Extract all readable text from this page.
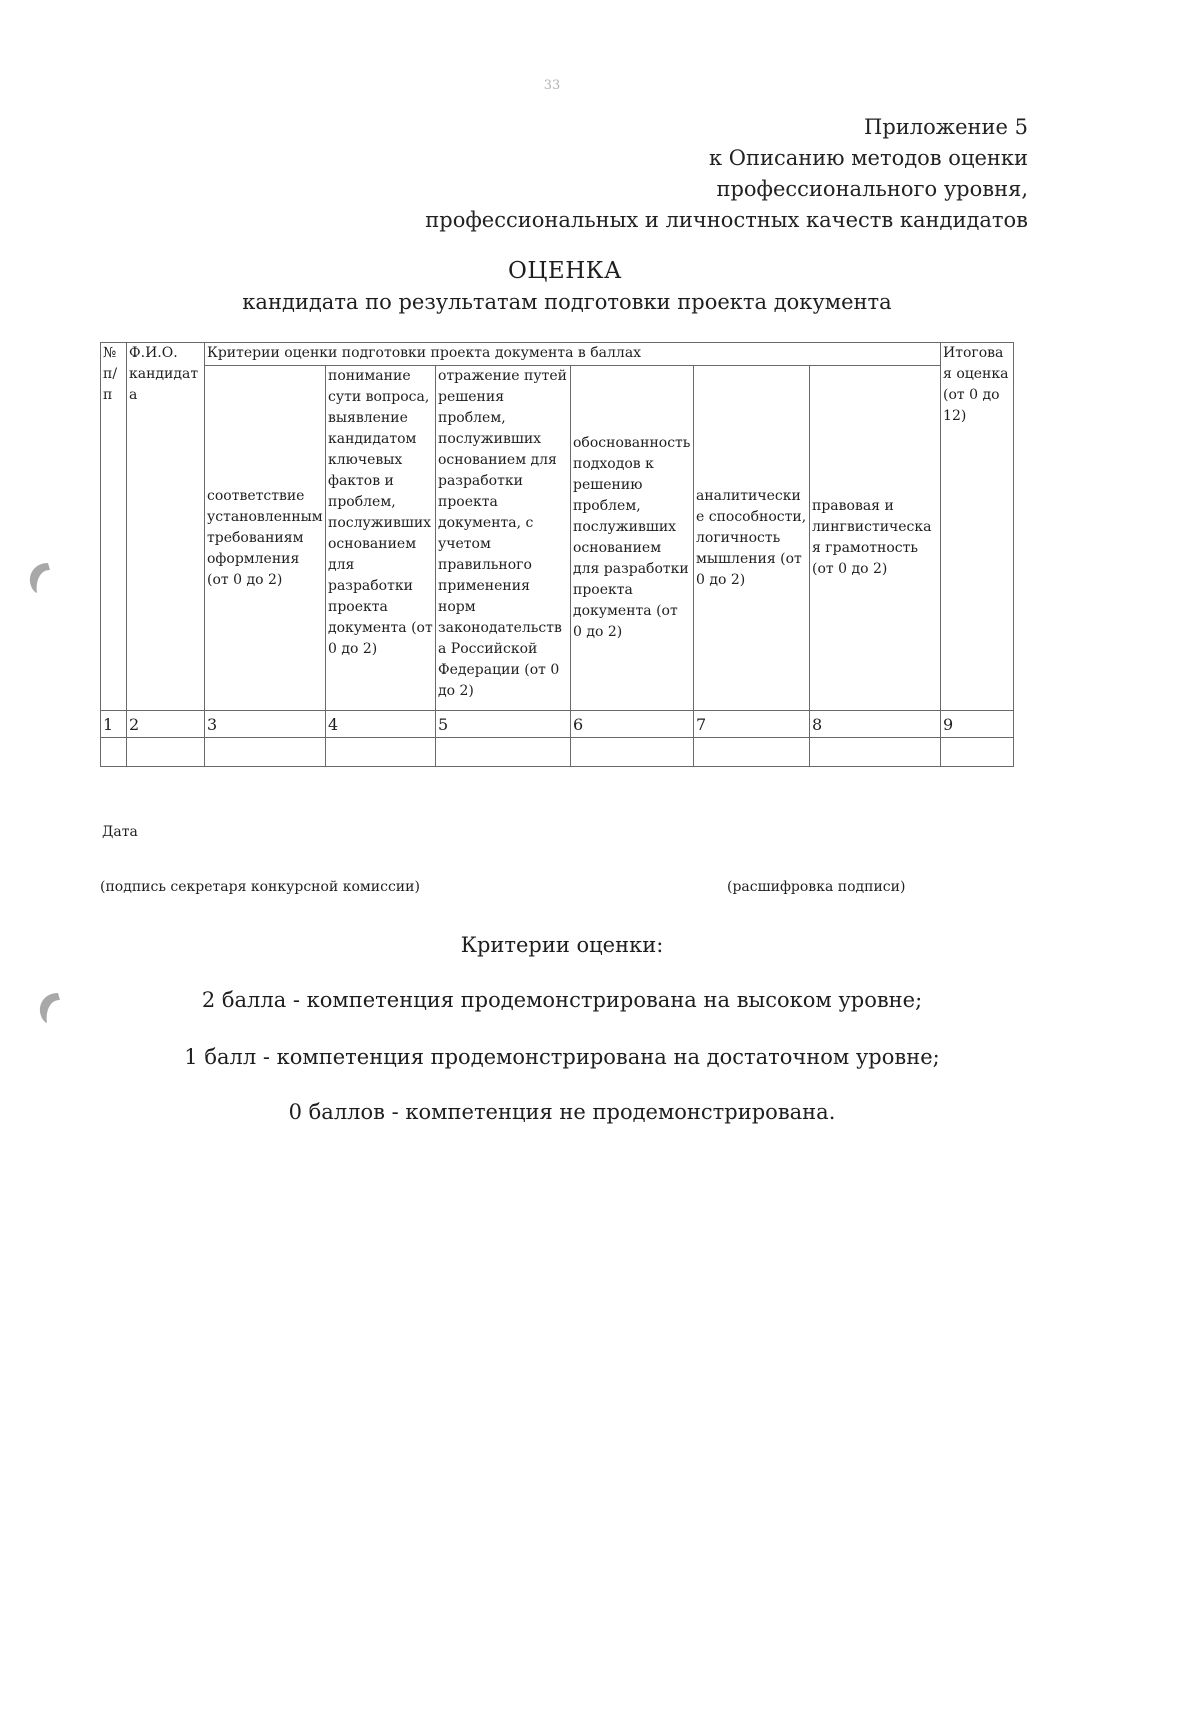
33
Приложение 5
к Описанию методов оценки
профессионального уровня,
профессиональных и личностных качеств кандидатов
ОЦЕНКА
кандидата по результатам подготовки проекта документа
№ п/п	Ф.И.О. кандидата	Критерии оценки подготовки проекта документа в баллах						Итоговая оценка (от 0 до 12)
		соответствие установленным требованиям оформления (от 0 до 2)	понимание сути вопроса, выявление кандидатом ключевых фактов и проблем, послуживших основанием для разработки проекта документа (от 0 до 2)	отражение путей решения проблем, послуживших основанием для разработки проекта документа, с учетом правильного применения норм законодательства Российской Федерации (от 0 до 2)	обоснованность подходов к решению проблем, послуживших основанием для разработки проекта документа (от 0 до 2)	аналитические способности, логичность мышления (от 0 до 2)	правовая и лингвистическая грамотность (от 0 до 2)	
1	2	3	4	5	6	7	8	9

Дата
(подпись секретаря конкурсной комиссии)	(расшифровка подписи)
Критерии оценки:
2 балла - компетенция продемонстрирована на высоком уровне;
1 балл - компетенция продемонстрирована на достаточном уровне;
0 баллов - компетенция не продемонстрирована.
